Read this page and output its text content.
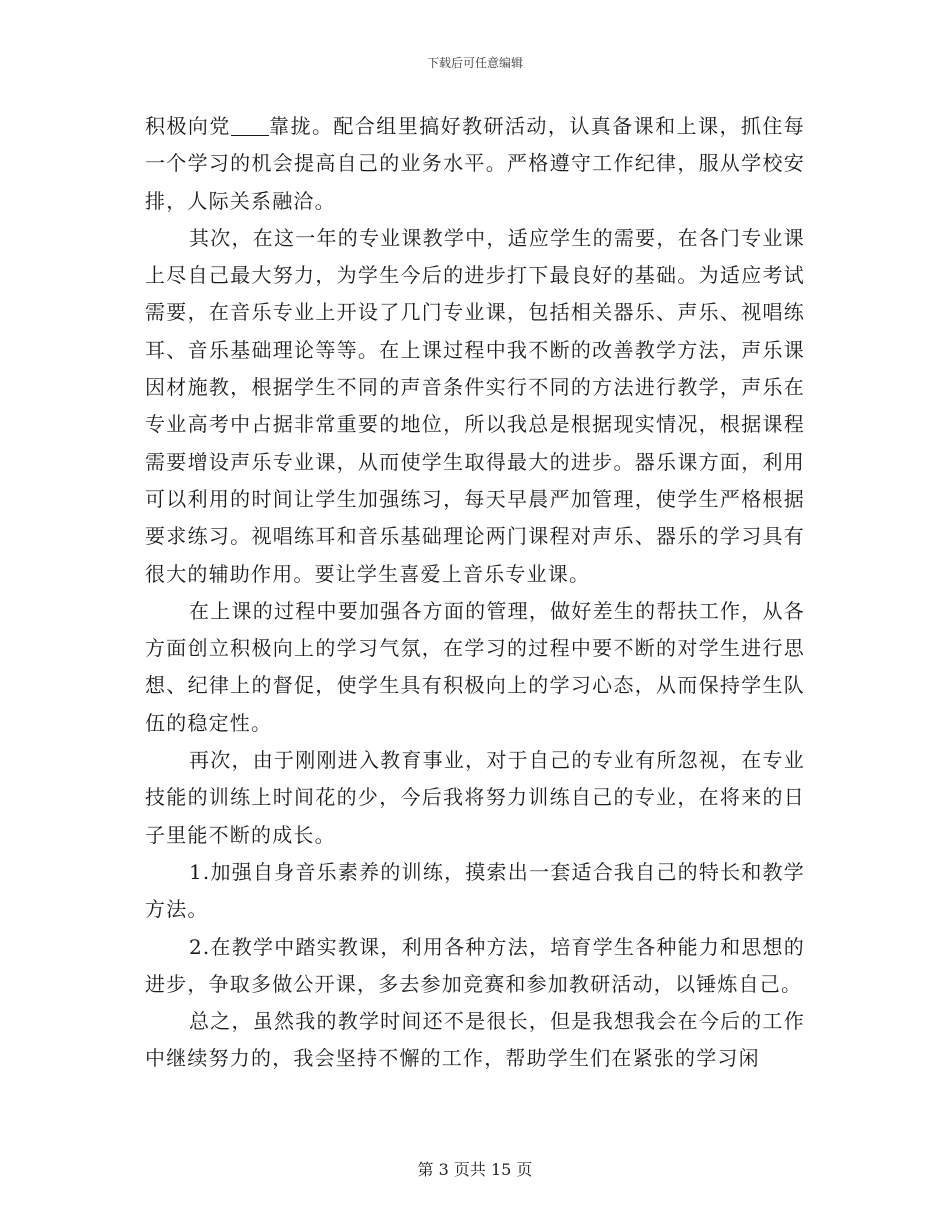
下载后可任意编辑

积极向党 靠拢。配合组里搞好教研活动，认真备课和上课，抓住每一个学习的机会提高自己的业务水平。严格遵守工作纪律，服从学校安排，人际关系融洽。

其次，在这一年的专业课教学中，适应学生的需要，在各门专业课上尽自己最大努力，为学生今后的进步打下最良好的基础。为适应考试需要，在音乐专业上开设了几门专业课，包括相关器乐、声乐、视唱练耳、音乐基础理论等等。在上课过程中我不断的改善教学方法，声乐课因材施教，根据学生不同的声音条件实行不同的方法进行教学，声乐在专业高考中占据非常重要的地位，所以我总是根据现实情况，根据课程需要增设声乐专业课，从而使学生取得最大的进步。器乐课方面，利用可以利用的时间让学生加强练习，每天早晨严加管理，使学生严格根据要求练习。视唱练耳和音乐基础理论两门课程对声乐、器乐的学习具有很大的辅助作用。要让学生喜爱上音乐专业课。

在上课的过程中要加强各方面的管理，做好差生的帮扶工作，从各方面创立积极向上的学习气氛，在学习的过程中要不断的对学生进行思想、纪律上的督促，使学生具有积极向上的学习心态，从而保持学生队伍的稳定性。

再次，由于刚刚进入教育事业，对于自己的专业有所忽视，在专业技能的训练上时间花的少，今后我将努力训练自己的专业，在将来的日子里能不断的成长。

1.加强自身音乐素养的训练，摸索出一套适合我自己的特长和教学方法。

2.在教学中踏实教课，利用各种方法，培育学生各种能力和思想的进步，争取多做公开课，多去参加竞赛和参加教研活动，以锤炼自己。

总之，虽然我的教学时间还不是很长，但是我想我会在今后的工作中继续努力的，我会坚持不懈的工作，帮助学生们在紧张的学习闲

第 3 页共 15 页
